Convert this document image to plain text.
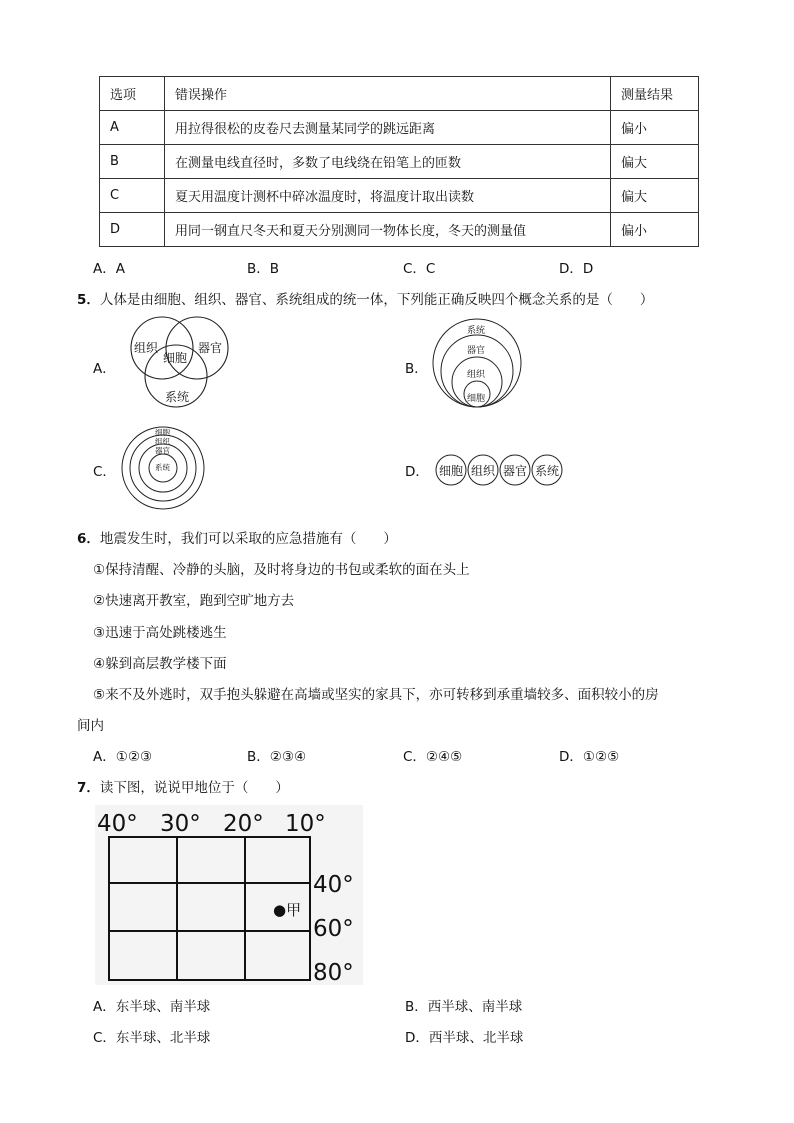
选项	错误操作	测量结果
A	用拉得很松的皮卷尺去测量某同学的跳远距离	偏小
B	在测量电线直径时，多数了电线绕在铅笔上的匝数	偏大
C	夏天用温度计测杯中碎冰温度时，将温度计取出读数	偏大
D	用同一钢直尺冬天和夏天分别测同一物体长度，冬天的测量值	偏小
A．A	B．B	C．C	D．D
5．人体是由细胞、组织、器官、系统组成的统一体，下列能正确反映四个概念关系的是（　　）
A．
组织	器官
细胞
系统
B．
系统
器官
组织
细胞
C．
细胞
组织
器官
系统	D． 细胞 组织 器官 系统
6．地震发生时，我们可以采取的应急措施有（　　）
①保持清醒、冷静的头脑，及时将身边的书包或柔软的面在头上
②快速离开教室，跑到空旷地方去
③迅速于高处跳楼逃生
④躲到高层教学楼下面
⑤来不及外逃时，双手抱头躲避在高墙或坚实的家具下，亦可转移到承重墙较多、面积较小的房
间内
A．①②③	B．②③④	C．②④⑤	D．①②⑤
7．读下图，说说甲地位于（　　）
40° 30° 20° 10°
40°
60°
80°
●甲
A．东半球、南半球	B．西半球、南半球
C．东半球、北半球	D．西半球、北半球
